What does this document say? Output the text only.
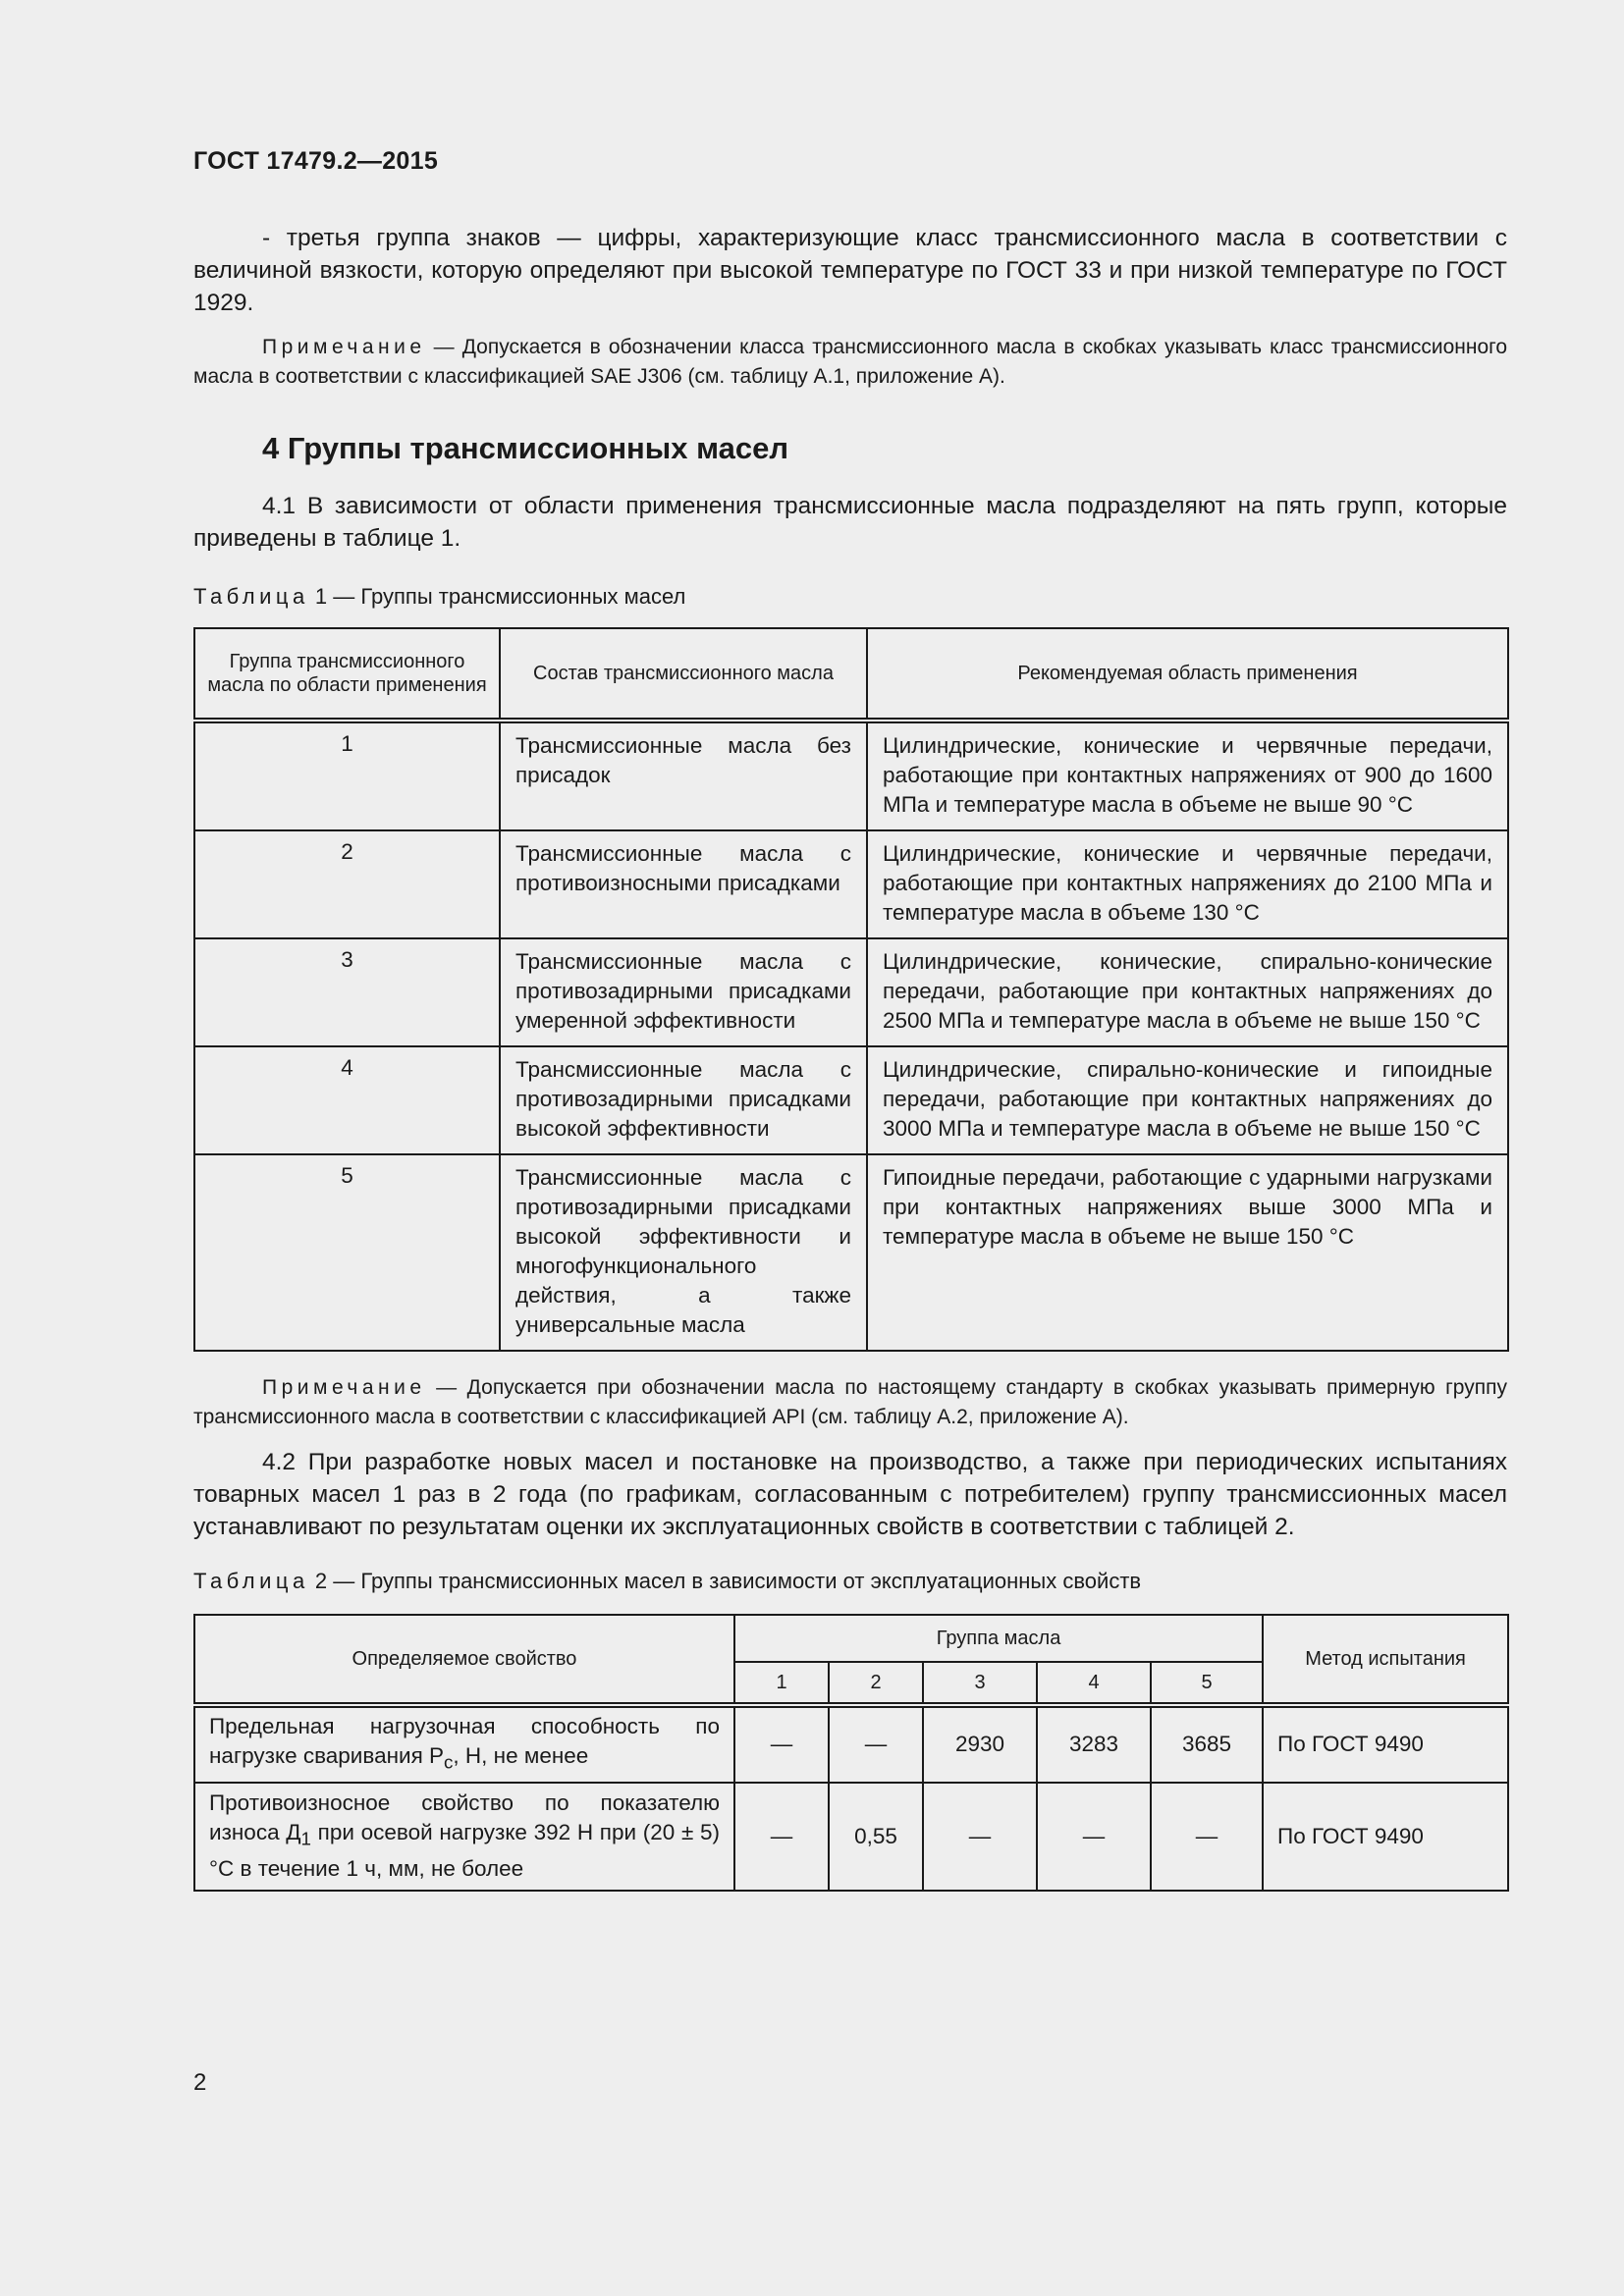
ГОСТ 17479.2—2015

- третья группа знаков — цифры, характеризующие класс трансмиссионного масла в соответствии с величиной вязкости, которую определяют при высокой температуре по ГОСТ 33 и при низкой температуре по ГОСТ 1929.

Примечание — Допускается в обозначении класса трансмиссионного масла в скобках указывать класс трансмиссионного масла в соответствии с классификацией SAE J306 (см. таблицу А.1, приложение А).

4 Группы трансмиссионных масел

4.1 В зависимости от области применения трансмиссионные масла подразделяют на пять групп, которые приведены в таблице 1.

Таблица 1 — Группы трансмиссионных масел

Группа трансмиссионного масла по области применения	Состав трансмиссионного масла	Рекомендуемая область применения
1	Трансмиссионные масла без присадок	Цилиндрические, конические и червячные передачи, работающие при контактных напряжениях от 900 до 1600 МПа и температуре масла в объеме не выше 90 °С
2	Трансмиссионные масла с противоизносными присадками	Цилиндрические, конические и червячные передачи, работающие при контактных напряжениях до 2100 МПа и температуре масла в объеме 130 °С
3	Трансмиссионные масла с противозадирными присадками умеренной эффективности	Цилиндрические, конические, спирально-конические передачи, работающие при контактных напряжениях до 2500 МПа и температуре масла в объеме не выше 150 °С
4	Трансмиссионные масла с противозадирными присадками высокой эффективности	Цилиндрические, спирально-конические и гипоидные передачи, работающие при контактных напряжениях до 3000 МПа и температуре масла в объеме не выше 150 °С
5	Трансмиссионные масла с противозадирными присадками высокой эффективности и многофункционального действия, а также универсальные масла	Гипоидные передачи, работающие с ударными нагрузками при контактных напряжениях выше 3000 МПа и температуре масла в объеме не выше 150 °С

Примечание — Допускается при обозначении масла по настоящему стандарту в скобках указывать примерную группу трансмиссионного масла в соответствии с классификацией API (см. таблицу А.2, приложение А).

4.2 При разработке новых масел и постановке на производство, а также при периодических испытаниях товарных масел 1 раз в 2 года (по графикам, согласованным с потребителем) группу трансмиссионных масел устанавливают по результатам оценки их эксплуатационных свойств в соответствии с таблицей 2.

Таблица 2 — Группы трансмиссионных масел в зависимости от эксплуатационных свойств

Определяемое свойство	Группа масла					Метод испытания
	1	2	3	4	5	
Предельная нагрузочная способность по нагрузке сваривания $Р_с$, Н, не менее	—	—	2930	3283	3685	По ГОСТ 9490
Противоизносное свойство по показателю износа $Д_1$ при осевой нагрузке 392 Н при (20 ± 5) °С в течение 1 ч, мм, не более	—	0,55	—	—	—	По ГОСТ 9490
2
